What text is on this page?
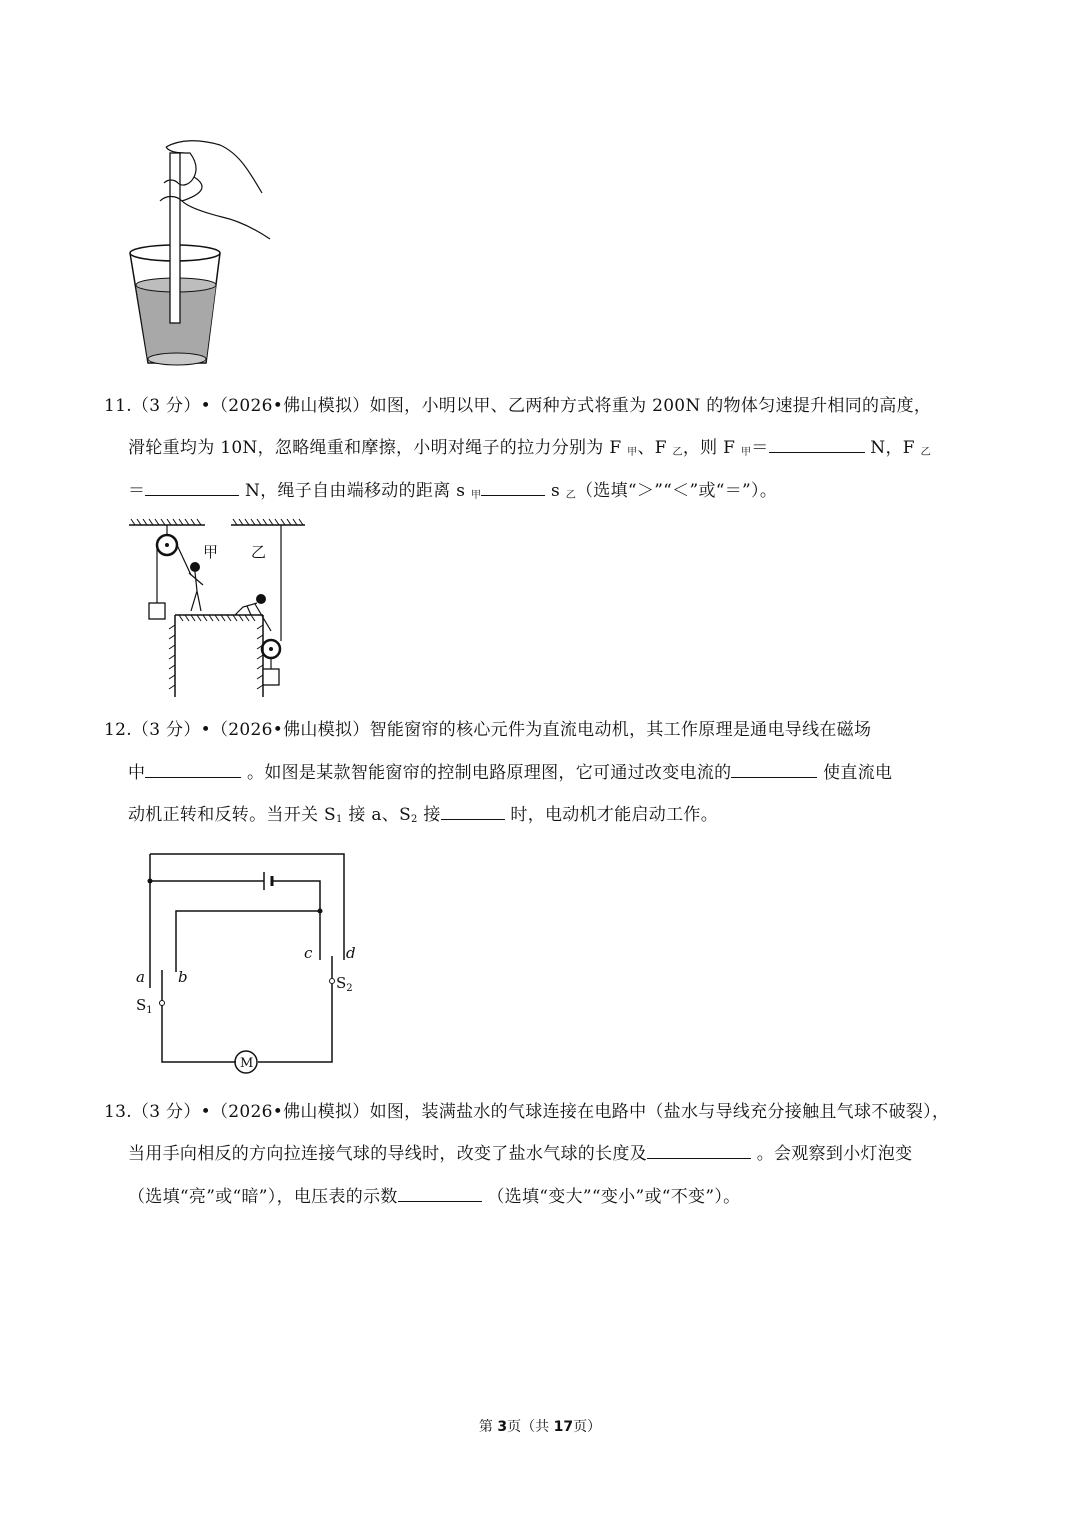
11.（3 分）•（2026•佛山模拟）如图，小明以甲、乙两种方式将重为 200N 的物体匀速提升相同的高度，
滑轮重均为 10N，忽略绳重和摩擦，小明对绳子的拉力分别为 F $_甲$、F $_乙$，则 F $_甲$＝	N，F $_乙$
＝	N，绳子自由端移动的距离 s $_甲$	s $_乙$（选填“＞”“＜”或“＝”）。
甲 乙
12.（3 分）•（2026•佛山模拟）智能窗帘的核心元件为直流电动机，其工作原理是通电导线在磁场
中	。如图是某款智能窗帘的控制电路原理图，它可通过改变电流的	使直流电
动机正转和反转。当开关 $S_1$ 接 a、$S_2$ 接	时，电动机才能启动工作。
a b
c d
$S_1$
$S_2$
M
13.（3 分）•（2026•佛山模拟）如图，装满盐水的气球连接在电路中（盐水与导线充分接触且气球不破裂），
当用手向相反的方向拉连接气球的导线时，改变了盐水气球的长度及	。会观察到小灯泡变
（选填“亮”或“暗”），电压表的示数	（选填“变大”“变小”或“不变”）。
第 3页（共 17页）
